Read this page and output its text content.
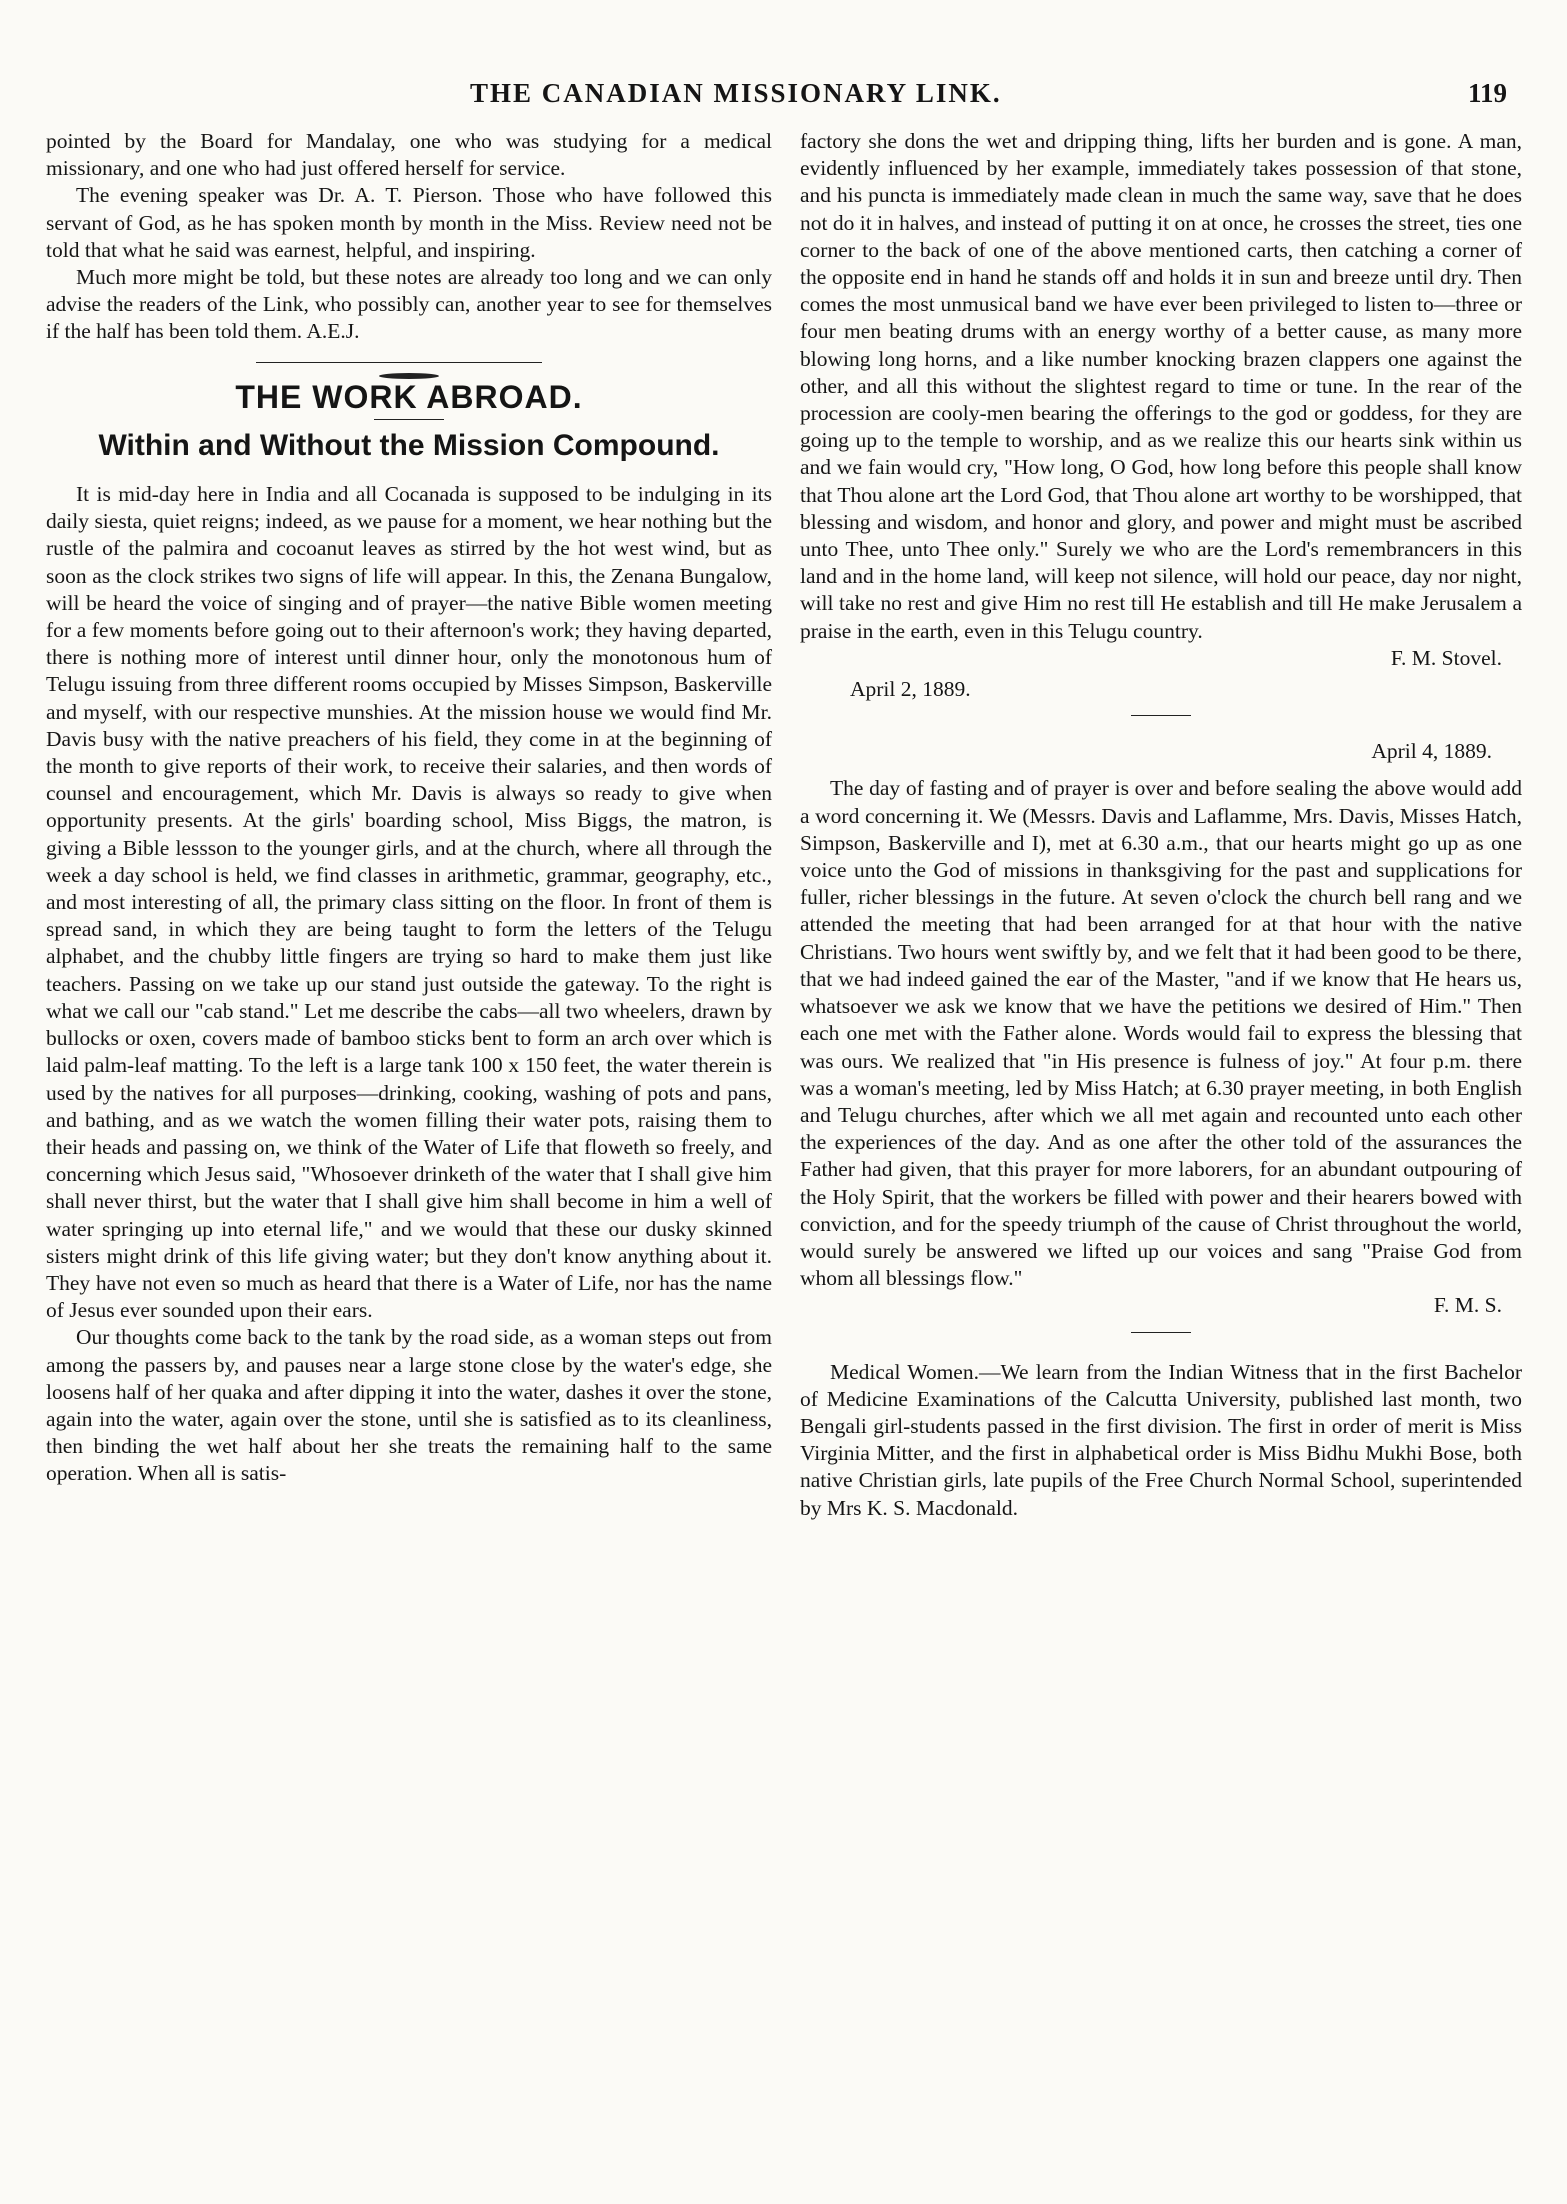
THE CANADIAN MISSIONARY LINK.	119

pointed by the Board for Mandalay, one who was studying for a medical missionary, and one who had just offered herself for service.

The evening speaker was Dr. A. T. Pierson. Those who have followed this servant of God, as he has spoken month by month in the Miss. Review need not be told that what he said was earnest, helpful, and inspiring.

Much more might be told, but these notes are already too long and we can only advise the readers of the Link, who possibly can, another year to see for themselves if the half has been told them. A.E.J.

THE WORK ABROAD.
Within and Without the Mission Compound.

It is mid-day here in India and all Cocanada is supposed to be indulging in its daily siesta, quiet reigns; indeed, as we pause for a moment, we hear nothing but the rustle of the palmira and cocoanut leaves as stirred by the hot west wind, but as soon as the clock strikes two signs of life will appear. In this, the Zenana Bungalow, will be heard the voice of singing and of prayer—the native Bible women meeting for a few moments before going out to their afternoon's work; they having departed, there is nothing more of interest until dinner hour, only the monotonous hum of Telugu issuing from three different rooms occupied by Misses Simpson, Baskerville and myself, with our respective munshies. At the mission house we would find Mr. Davis busy with the native preachers of his field, they come in at the beginning of the month to give reports of their work, to receive their salaries, and then words of counsel and encouragement, which Mr. Davis is always so ready to give when opportunity presents. At the girls' boarding school, Miss Biggs, the matron, is giving a Bible lessson to the younger girls, and at the church, where all through the week a day school is held, we find classes in arithmetic, grammar, geography, etc., and most interesting of all, the primary class sitting on the floor. In front of them is spread sand, in which they are being taught to form the letters of the Telugu alphabet, and the chubby little fingers are trying so hard to make them just like teachers. Passing on we take up our stand just outside the gateway. To the right is what we call our "cab stand." Let me describe the cabs—all two wheelers, drawn by bullocks or oxen, covers made of bamboo sticks bent to form an arch over which is laid palm-leaf matting. To the left is a large tank 100 x 150 feet, the water therein is used by the natives for all purposes—drinking, cooking, washing of pots and pans, and bathing, and as we watch the women filling their water pots, raising them to their heads and passing on, we think of the Water of Life that floweth so freely, and concerning which Jesus said, "Whosoever drinketh of the water that I shall give him shall never thirst, but the water that I shall give him shall become in him a well of water springing up into eternal life," and we would that these our dusky skinned sisters might drink of this life giving water; but they don't know anything about it. They have not even so much as heard that there is a Water of Life, nor has the name of Jesus ever sounded upon their ears.

Our thoughts come back to the tank by the road side, as a woman steps out from among the passers by, and pauses near a large stone close by the water's edge, she loosens half of her quaka and after dipping it into the water, dashes it over the stone, again into the water, again over the stone, until she is satisfied as to its cleanliness, then binding the wet half about her she treats the remaining half to the same operation. When all is satis-

factory she dons the wet and dripping thing, lifts her burden and is gone. A man, evidently influenced by her example, immediately takes possession of that stone, and his puncta is immediately made clean in much the same way, save that he does not do it in halves, and instead of putting it on at once, he crosses the street, ties one corner to the back of one of the above mentioned carts, then catching a corner of the opposite end in hand he stands off and holds it in sun and breeze until dry. Then comes the most unmusical band we have ever been privileged to listen to—three or four men beating drums with an energy worthy of a better cause, as many more blowing long horns, and a like number knocking brazen clappers one against the other, and all this without the slightest regard to time or tune. In the rear of the procession are cooly-men bearing the offerings to the god or goddess, for they are going up to the temple to worship, and as we realize this our hearts sink within us and we fain would cry, "How long, O God, how long before this people shall know that Thou alone art the Lord God, that Thou alone art worthy to be worshipped, that blessing and wisdom, and honor and glory, and power and might must be ascribed unto Thee, unto Thee only." Surely we who are the Lord's remembrancers in this land and in the home land, will keep not silence, will hold our peace, day nor night, will take no rest and give Him no rest till He establish and till He make Jerusalem a praise in the earth, even in this Telugu country.

F. M. Stovel.

April 2, 1889.

April 4, 1889.

The day of fasting and of prayer is over and before sealing the above would add a word concerning it. We (Messrs. Davis and Laflamme, Mrs. Davis, Misses Hatch, Simpson, Baskerville and I), met at 6.30 a.m., that our hearts might go up as one voice unto the God of missions in thanksgiving for the past and supplications for fuller, richer blessings in the future. At seven o'clock the church bell rang and we attended the meeting that had been arranged for at that hour with the native Christians. Two hours went swiftly by, and we felt that it had been good to be there, that we had indeed gained the ear of the Master, "and if we know that He hears us, whatsoever we ask we know that we have the petitions we desired of Him." Then each one met with the Father alone. Words would fail to express the blessing that was ours. We realized that "in His presence is fulness of joy." At four p.m. there was a woman's meeting, led by Miss Hatch; at 6.30 prayer meeting, in both English and Telugu churches, after which we all met again and recounted unto each other the experiences of the day. And as one after the other told of the assurances the Father had given, that this prayer for more laborers, for an abundant outpouring of the Holy Spirit, that the workers be filled with power and their hearers bowed with conviction, and for the speedy triumph of the cause of Christ throughout the world, would surely be answered we lifted up our voices and sang "Praise God from whom all blessings flow."

F. M. S.

Medical Women.—We learn from the Indian Witness that in the first Bachelor of Medicine Examinations of the Calcutta University, published last month, two Bengali girl-students passed in the first division. The first in order of merit is Miss Virginia Mitter, and the first in alphabetical order is Miss Bidhu Mukhi Bose, both native Christian girls, late pupils of the Free Church Normal School, superintended by Mrs K. S. Macdonald.
